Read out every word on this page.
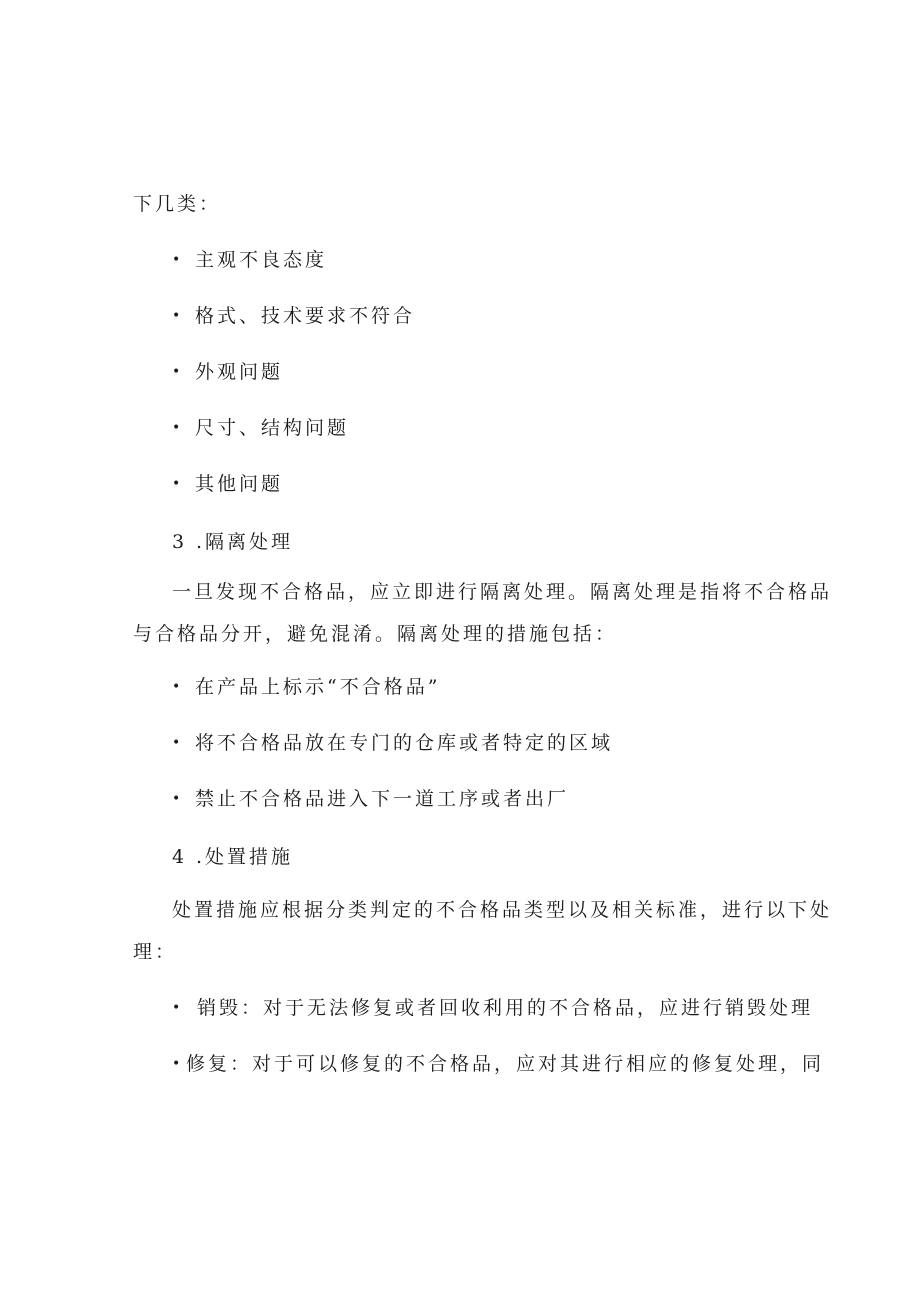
下几类：
• 主观不良态度
• 格式、技术要求不符合
• 外观问题
• 尺寸、结构问题
• 其他问题
3 .隔离处理
一旦发现不合格品，应立即进行隔离处理。隔离处理是指将不合格品
与合格品分开，避免混淆。隔离处理的措施包括：
• 在产品上标示“不合格品”
• 将不合格品放在专门的仓库或者特定的区域
• 禁止不合格品进入下一道工序或者出厂
4 .处置措施
处置措施应根据分类判定的不合格品类型以及相关标准，进行以下处
理：
• 销毁：对于无法修复或者回收利用的不合格品，应进行销毁处理
• 修复：对于可以修复的不合格品，应对其进行相应的修复处理，同
